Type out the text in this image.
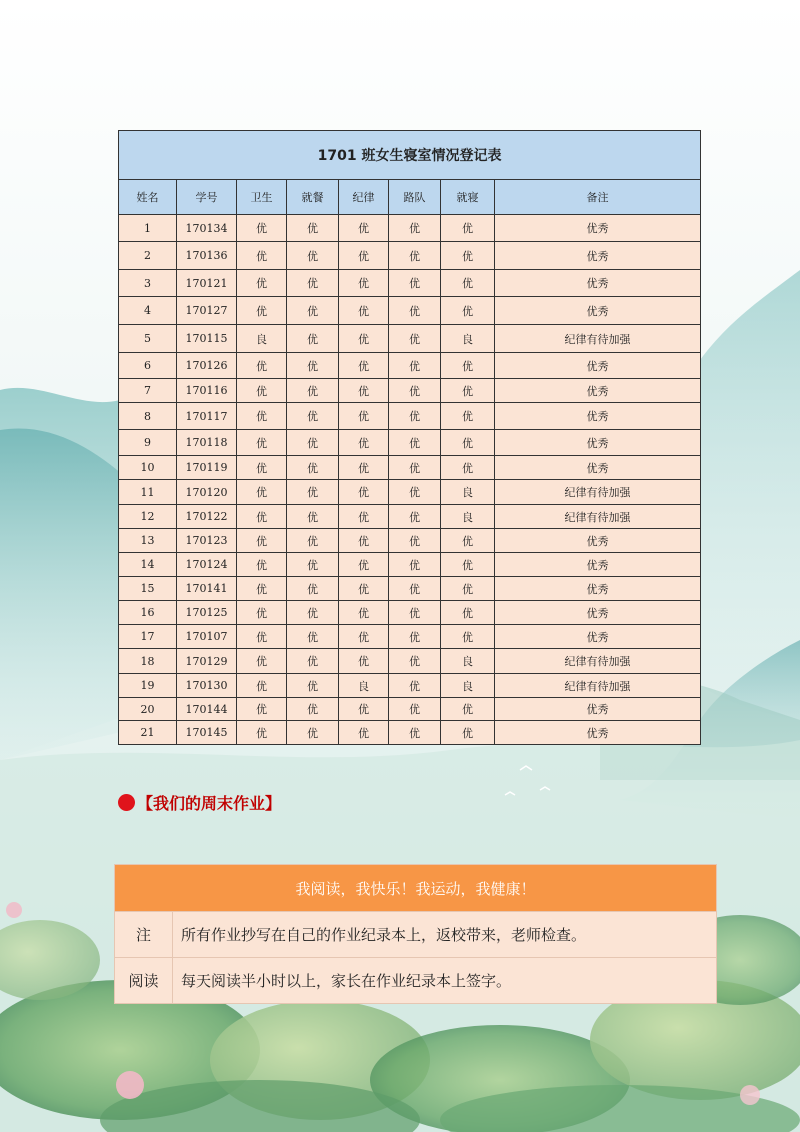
1701 班女生寝室情况登记表							
姓名	学号	卫生	就餐	纪律	路队	就寝	备注
1	170134	优	优	优	优	优	优秀
2	170136	优	优	优	优	优	优秀
3	170121	优	优	优	优	优	优秀
4	170127	优	优	优	优	优	优秀
5	170115	良	优	优	优	良	纪律有待加强
6	170126	优	优	优	优	优	优秀
7	170116	优	优	优	优	优	优秀
8	170117	优	优	优	优	优	优秀
9	170118	优	优	优	优	优	优秀
10	170119	优	优	优	优	优	优秀
11	170120	优	优	优	优	良	纪律有待加强
12	170122	优	优	优	优	良	纪律有待加强
13	170123	优	优	优	优	优	优秀
14	170124	优	优	优	优	优	优秀
15	170141	优	优	优	优	优	优秀
16	170125	优	优	优	优	优	优秀
17	170107	优	优	优	优	优	优秀
18	170129	优	优	优	优	良	纪律有待加强
19	170130	优	优	良	优	良	纪律有待加强
20	170144	优	优	优	优	优	优秀
21	170145	优	优	优	优	优	优秀
【我们的周末作业】
我阅读，我快乐！我运动，我健康！	
注	所有作业抄写在自己的作业纪录本上，返校带来，老师检查。
阅读	每天阅读半小时以上，家长在作业纪录本上签字。
